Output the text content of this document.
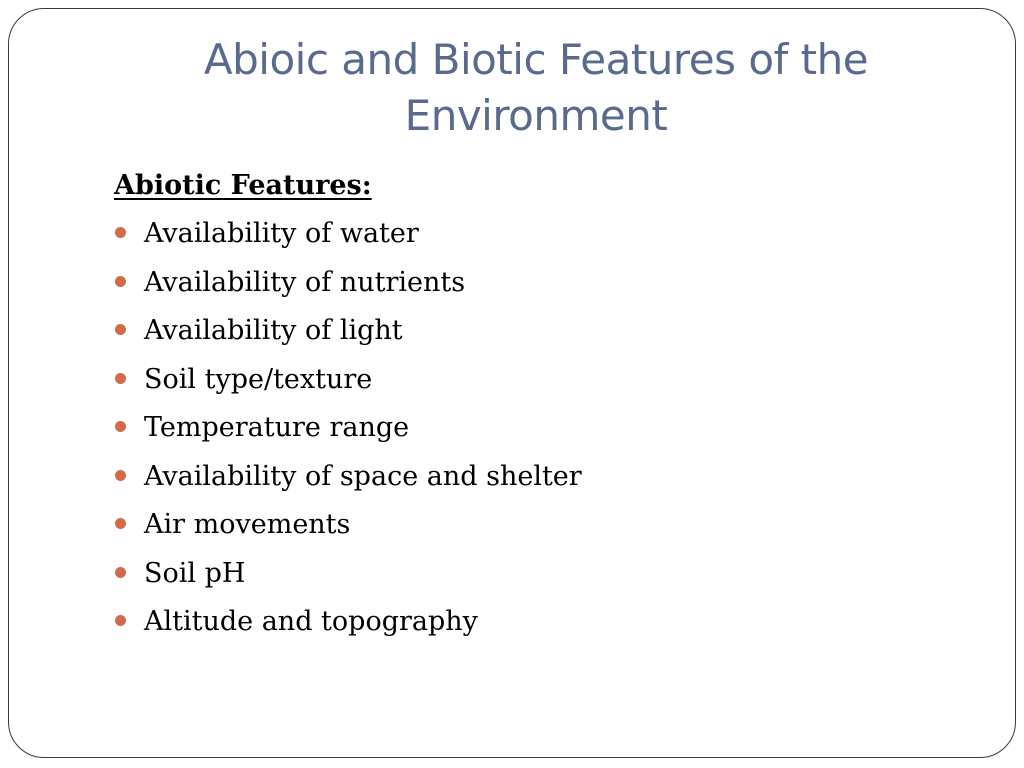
Abioic and Biotic Features of the Environment
Abiotic Features:
Availability of water
Availability of nutrients
Availability of light
Soil type/texture
Temperature range
Availability of space and shelter
Air movements
Soil pH
Altitude and topography
